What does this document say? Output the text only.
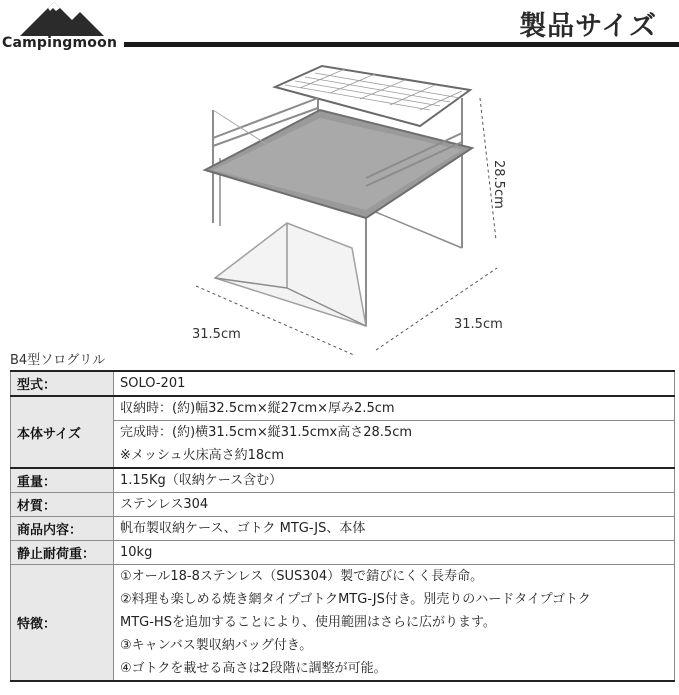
Campingmoon
製品サイズ
31.5cm
31.5cm
28.5cm
B4型ソログリル
型式：	SOLO-201

本体サイズ	収納時：(約)幅32.5cm×縦27cm×厚み2.5cm

	完成時：(約)横31.5cm×縦31.5cmx高さ28.5cm
※メッシュ火床高さ約18cm

重量：	1.15Kg（収納ケース含む）

材質：	ステンレス304

商品内容：	帆布製収納ケース、ゴトク MTG-JS、本体

静止耐荷重：	10kg

特徴：	①オール18-8ステンレス（SUS304）製で錆びにくく長寿命。
②料理も楽しめる焼き網タイプゴトクMTG-JS付き。別売りのハードタイプゴトク
MTG-HSを追加することにより、使用範囲はさらに広がります。
③キャンバス製収納バッグ付き。
④ゴトクを載せる高さは2段階に調整が可能。
